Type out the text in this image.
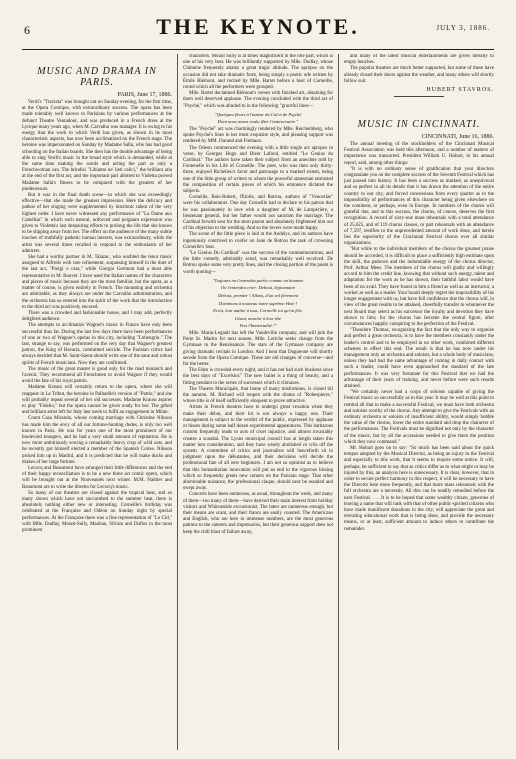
6	THE KEYNOTE.	JULY 3, 1886.
MUSIC AND DRAMA IN PARIS.
PARIS, June 17, 1886.

Verdi's "Traviata" was brought out on Sunday evening, for the first time, at the Opera Comique, with extraordinary success. The opera has been made tolerably well known to Parisians by various performances at the defunct Theatre Ventadour, and was produced in a French dress at the Lyrique many years ago, when M. Carvalho was manager. It is owing to his energy that the work to which Verdi has given, as shown in its most characteristic aspects, has now been acclimatized on the French stage. The heroine was impersonated on Sunday by Madame Salla, who has had good schooling on the Italian boards. She then has the double advantage of being able to sing Verdi's music in the broad style which is demanded, while at the same time making the words and acting the part as only a Frenchwoman can. The brindisi "Libiamo ne' lieti calici," the brilliant aria at the end of the first act, and the important part allotted to Violetta proved Madame Salla's fitness to be compared with the greatest of her predecessors.

But it was in the final death scene—in which she was exceedingly effective—that she made the greatest impression. Here the delicacy and pathos of her singing were supplemented by histrionic talent of the very highest order. I have never witnessed any performance of "La Dame aux Camélias" in which such natural, unforced and poignant expression was given to Violetta's last despairing efforts to prolong the life that she knows to be slipping away from her. The effect on the audience of the many subtle touches of truthfully pathetic human interest, was extraordinary, while the artist was several times recalled to respond to the enthusiasm of her admirers.

She had a worthy partner in M. Talazac, who warbled the tenor music assigned to Alfredo with rare refinement, surpassing himself in the duet of the last act, "Parigi o cara," while Giorgio Germont had a most able representative in M. Bouvet. I have used the Italian names of the characters and pieces of music because they are the most familiar, but the opera, as a matter of course, is given entirely in French. The mounting and orchestra are admirable, as they always are under the Carvalho administration, and the orchestra has so entered into the spirit of the work that the introduction to the third act was positively encored.

There was a crowded and fashionable house, and I may add, perfectly delighted audience.

The attempts to acclimatize Wagner's music in France have only been successful thus far. During the last few days there have been performances of one or two of Wagner's operas in this city, including "Lohengrin." The last, strange to say, was performed on the very day that Wagner's greatest patron, the King of Bavaria, committed suicide. The Parisian critics had always decided that M. Saint-Saens should write one of the sane and robust spirits of French musicians. Now they are confirmed.

The music of the great master is good only for the mad monarch and l'avenir. They recommend all Frenchmen to avoid Wagner if they would avoid the fate of his royal patron.

Madame Krauss will certainly return to the opera, where she will reappear in Le Tribut, the heroine in Palhadile's version of "Patrie," and she will probably repeat several of her old successes. Madame Krauss aspires to play "Fidelio," but the opera cannot be given ready for her. The gifted and brilliant artist left for Italy last week to fulfil an engagement in Milan.

Count Casa Miranda, whose coming marriage with Christine Nilsson has made him the envy of all our fortune-hunting dudes, is only too well known in Paris. He was for years one of the most prominent of our boulevard loungers, and he had a very small amount of reputation. He is now more ambitiously sowing a remarkably heavy crop of wild oats, and he recently got himself elected a member of the Spanish Cortes. Nilsson picked him up in Madrid, and it is predicted that he will make ducks and drakes of her large fortune.

Lecocq and Beaumont have arranged their little differences and the end of their happy reconciliation is to be a new three act comic opera, which will be brought out at the Nouveautés next winter. M.M. Naittier and Beaumont are to write the libretto for Lecocq's music.

So many of our theatres are closed against the tropical heat, and so many shows which have not succumbed to the summer heat, there is absolutely nothing either new or interesting. Corneille's birthday was celebrated at the Française and Odéon on Sunday night by special performances. At the Française there was a fine representation of "Le Cid," with Mlle. Dudlay, Mount-Sully, Mauban, Silvain and Duflos in the most prominent

characters. Mount Sully is at times magnificent in the rôle part, which is one of his very best. He was brilliantly supported by Mlle. Dudlay, whose Chimène frequently attains a great tragic altitude. The apropos on the occasion did not take dramatic form, being simply a poetic ode written by Émile Blémont, and recited by Mlle. Bartet before a bust of Corneille, round which all the performers were grouped.

Mlle. Bartet declaimed Blémont's verses with finished art, obtaining for them well deserved applause. The evening concluded with the third act of "Psyché," which was alluded to in the following "graceful lines—

"Quelques fleurs à l'auteur du Cid et de Psyché

Dont nous avons voulu fêter l'anniversaire."

The "Psyché" act was charmingly rendered by Mlle. Reichemberg, who spoke Psyché's lines in her most exquisite style, and pleasing support was rendered by MM. Durand and Fremaux.

The Odeon commenced the evening with a little single act apropos in verse, by Georges Hugo and Rizer Lafond, entitled "Le Genius du Cardinal." The authors have taken their subject from an anecdote told by Fontenelle in his Life of Corneille. The poet, who was then only thirty-three, enjoyed Richelieu's favor and patronage to a marked extent, being one of the little group of writers to whom the powerful statesman entrusted the composition of certain pieces of which his eminence dictated the subjects.

Corneille, Bois-Robert, l'Etoile, and Rotrou, authors of "Venceslas" were his collaborators. One day Corneille had to declare to his patron that he was passionately in love with a daughter of M. de Lampérière, a lieutenant general, but her father would not sanction the marriage. The Cardinal forwith sent for the stern parent and absolutely frightened him out of his objection to the wedding. And so the lovers were made happy.

The scene of the little piece is laid at the Andelys, and its authors have ingeniously contrived to confer on Jean de Rotrou the task of crowning Corneille's bust.

"Le Genius Du Cardinal" was the success of the commemorations, and the little comedy, admirably acted, was remarkably well received. De Rotrou spoke some very pretty lines, and the closing portion of the poem is worth quoting—

"Toujours on t'entendra parler comme un honnete

On t'entendra crier: Debout, légionnaire

Debout, premier ! Allons, d'un vol fièrement

Dominons à nouveau notre suprême Hote !

Et toi, leur maître à tous, Corneille toi qu'on fête,

Géant, marche à leur tête

Vers l'Immortalité !"

Mlle. Maria-Legault has left the Vaudeville company, and will join the Porte St. Martin for next season. Mlle. Leriche seeks change from the Gymnase to the Renaissance. The stars of the Gymnase company are giving dramatic recitals in London. And I hear that Dugueone will shortly secede from the Opera Comique. These are old changes of converse—and for the better.

The Eden is crowded every night, and it has not had such business since the best days of "Excelsior." The new ballet is a thing of beauty, and a fitting pendant to the series of successes which it climaxes.

The Theatre Municipale, that home of many misfortunes, is closed till the autumn. M. Richard will reopen with the drama of "Robespierre," whose title is of itself sufficiently eloquent to prove attractive.

Artists in French theatres have to undergo great vexation when they make their début, and their lot is not always a happy one. Their management is subject to the verdict of the public, expressed by applause or hisses during some half dozen experimental appearances. This barbarous custom frequently leads to acts of cruel injustice, and almost invariably creates a scandal. The Lyons municipal council has at length taken this matter into consideration, and they have wisely abolished ce crils off the system. A committee of critics and journalists will henceforth sit in judgment upon the débutantes, and their decisions will decide the professional fate of all new beginners. I am not so optimist as to believe that this humanitarian innovation will put an end to the vigorous hissing which so frequently greets new comers on the Parisian stage. That other abominable nuisance, the professional claque, should next be assailed and swept away.

Concerts have been numerous, as usual, throughout the week, and many of them—too many of them—have derived their main interest from holiday visitors and Whitsuntide excursionist. The latter are numerous enough, but their means are scant, and their francs are easily counted. The Americans and English, who are here in immense numbers, are the most generous patrons to the caterers and impresarios, but their generous support does not keep the chill blast of failure away,

and many of the latest musical entertainments are given literally to empty benches.

The popular theatres are much better supported, but some of these have already closed their doors against the weather, and many others will shortly follow suit.

HUBERT STAVROS.
MUSIC IN CINCINNATI.
CINCINNATI, June 16, 1886.

The annual meeting of the stockholders of the Cincinnati Musical Festival Association was held this afternoon, and a number of matters of importance was transacted. President William U. Hobart, in his annual report, said, among other things:

"It is with no ordinary sense of gratification that your directors congratulate you on the complete success of the Seventh Festival which has just passed into history. It has been a success as marked, as unequivocal and so perfect in all its details that it has drawn the attention of the entire country to our city, and forced concessions from every quarter as to the impossibility of performances of this character being given elsewhere on the continent, or perhaps, even in Europe. In numbers of the chorus will grateful due, and to this success, the chorus, of course, deserves the first recognition. A record of sixty-one mass rehearsals with a total attendance of 25,625, and of 119 chorus classes, or part rehearsals with an attendance of 7,597, testifies to the unprecedented amount of work done, and herein lies the superiority of the Cincinnati Festival chorus over all similar organizations.

"But while to the individual members of the chorus the greatest praise should be accorded, it is difficult to place a sufficiently high estimate upon the skill, the patience and the indomitable energy of the chorus director, Prof. Arthur Mees. The members of the chorus will gladly and willingly accord to him the credit line, knowing that without such energy, talent and adaptation for the work as he has shown, their faithful labor would have been of no avail. They have found in him a friend as well as an instructor, a worker as well as a leader. Your board deeply regret the impossibility of his longer engagement with us, but have full confidence that the chorus will, in view of the great results to be attained, cheerfully transfer to whomever the next Board may select as his successor the loyalty and devotion they have shown to him; for the chorus has become the central figure, after circumstances happily conspiring to the perfection of the Festival.

"Theodore Thomas, recognizing the fact that the only way to organize and perfect a great orchestra, is to have the members constantly under the leader's control and to be employed in no other work, combined different schemes to effect this end. The result is that he has now under his management only an orchestra and soloists, but a whole body of musicians, unless they had had the same advantage of coming in daily contact with such a leader, could have even approached the standard of the late performances. It was very fortunate for this Festival that we had the advantage of their years of training, and never before were such results attained.

"We certainly never had a corps of soloists capable of giving the Festival music so successfully as in this year. It may be well at this point to remind all that to make a successful Festival, we must have both orchestra and soloists worthy of the chorus. Any attempt to give the Festivals with an ordinary orchestra or soloists of insufficient ability, would simply hobble the value of the chorus, lower the entire standard and drop the character of the performances. The Festivals must be dignified not only by the character of the music, but by all the accessions needed to give them the position which they now command."

Mr. Hobart goes on to say: "So much has been said about the quick tempos adopted by the Musical Director, as being an injury to the Festival and especially to this work, that it seems to require some notice. It will, perhaps, be sufficient to say that as critics differ as to what might or may be injured by this, an analysis here is unnecessary. It is clear, however, that in order to secure perfect harmony in this respect, it will be necessary to have the Director here more frequently, and that more mass rehearsals with the full orchestra are a necessity. All this can be readily remedied before the next Festival. . . . It is to be hoped that some wealthy citizen, generous of leaving a name that will rank with that of other public-spirited citizens who have made munificent donations to the city, will appreciate the great and elevating educational work that is being done, and provide the necessary means, or at least, sufficient amount to induce others to contribute the remainder.
